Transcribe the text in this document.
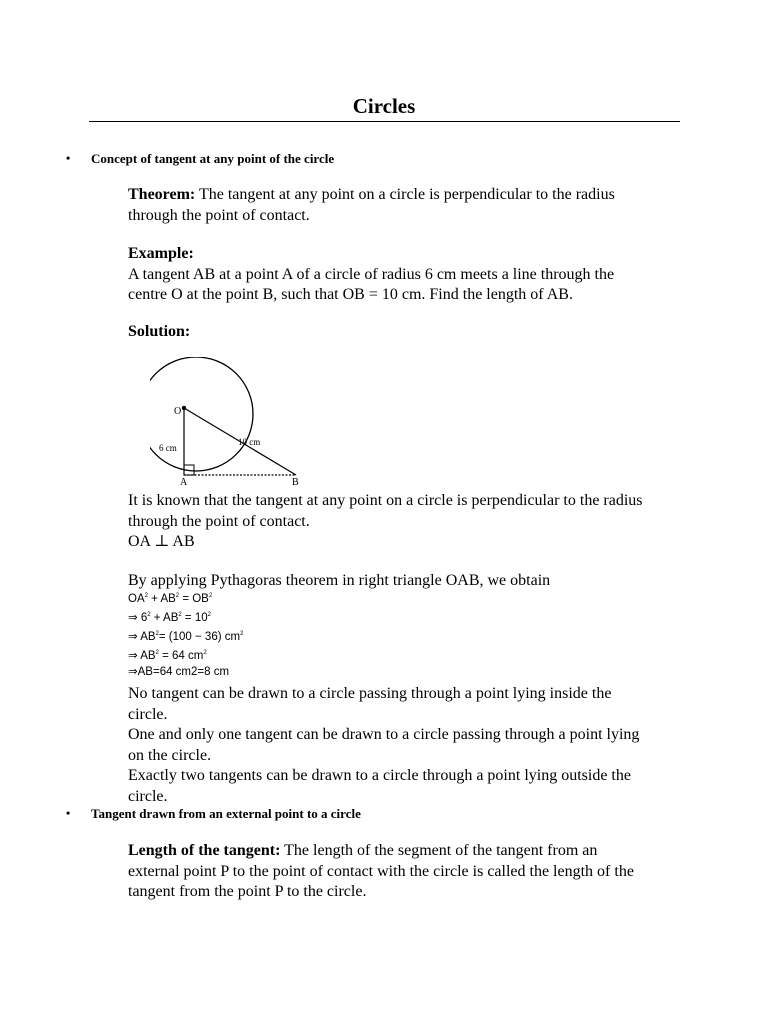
Circles
• Concept of tangent at any point of the circle
Theorem: The tangent at any point on a circle is perpendicular to the radius
through the point of contact.
Example:
A tangent AB at a point A of a circle of radius 6 cm meets a line through the
centre O at the point B, such that OB = 10 cm. Find the length of AB.
Solution:
O
6 cm
10 cm
A	B
It is known that the tangent at any point on a circle is perpendicular to the radius
through the point of contact.
OA ⊥ AB
By applying Pythagoras theorem in right triangle OAB, we obtain
$OA^2 + AB^2 = OB^2$
⇒ $6^2 + AB^2 = 10^2$
⇒ $AB^2= (100 - 36)$ $cm^2$
⇒ $AB^2 = 64$ $cm^2$
⇒AB=64 cm2=8 cm
No tangent can be drawn to a circle passing through a point lying inside the
circle.
One and only one tangent can be drawn to a circle passing through a point lying
on the circle.
Exactly two tangents can be drawn to a circle through a point lying outside the
circle.
• Tangent drawn from an external point to a circle
Length of the tangent: The length of the segment of the tangent from an
external point P to the point of contact with the circle is called the length of the
tangent from the point P to the circle.
